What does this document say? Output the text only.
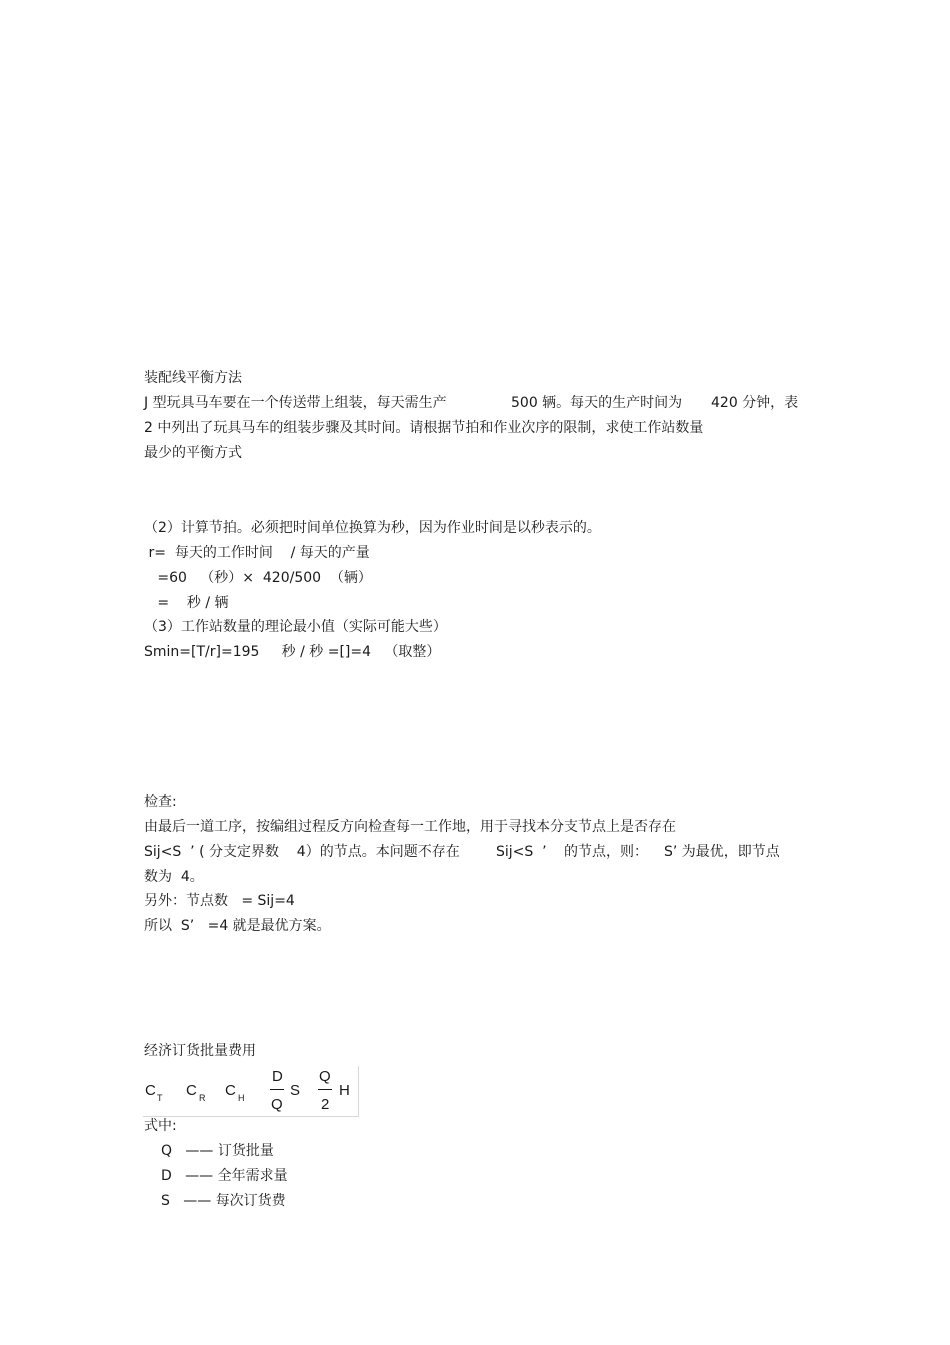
装配线平衡方法
J 型玩具马车要在一个传送带上组装，每天需生产	500 辆。每天的生产时间为 420 分钟，表
2 中列出了玩具马车的组装步骤及其时间。请根据节拍和作业次序的限制，求使工作站数量
最少的平衡方式
（2）计算节拍。必须把时间单位换算为秒，因为作业时间是以秒表示的。
r=  每天的工作时间    / 每天的产量
=60   （秒）×  420/500  （辆）
=    秒 / 辆
（3）工作站数量的理论最小值（实际可能大些）
Smin=[T/r]=195     秒 / 秒 =[]=4   （取整）
检查:
由最后一道工序，按编组过程反方向检查每一工作地，用于寻找本分支节点上是否存在
Sij<S  ’ ( 分支定界数    4）的节点。本问题不存在	Sij<S  ’ 的节点，则： S’ 为最优，即节点
数为  4。
另外：节点数   = Sij=4
所以  S’   =4 就是最优方案。
经济订货批量费用
C T C R C H
D
Q
S
Q
2
H
式中:
Q   —— 订货批量
D   —— 全年需求量
S   —— 每次订货费
